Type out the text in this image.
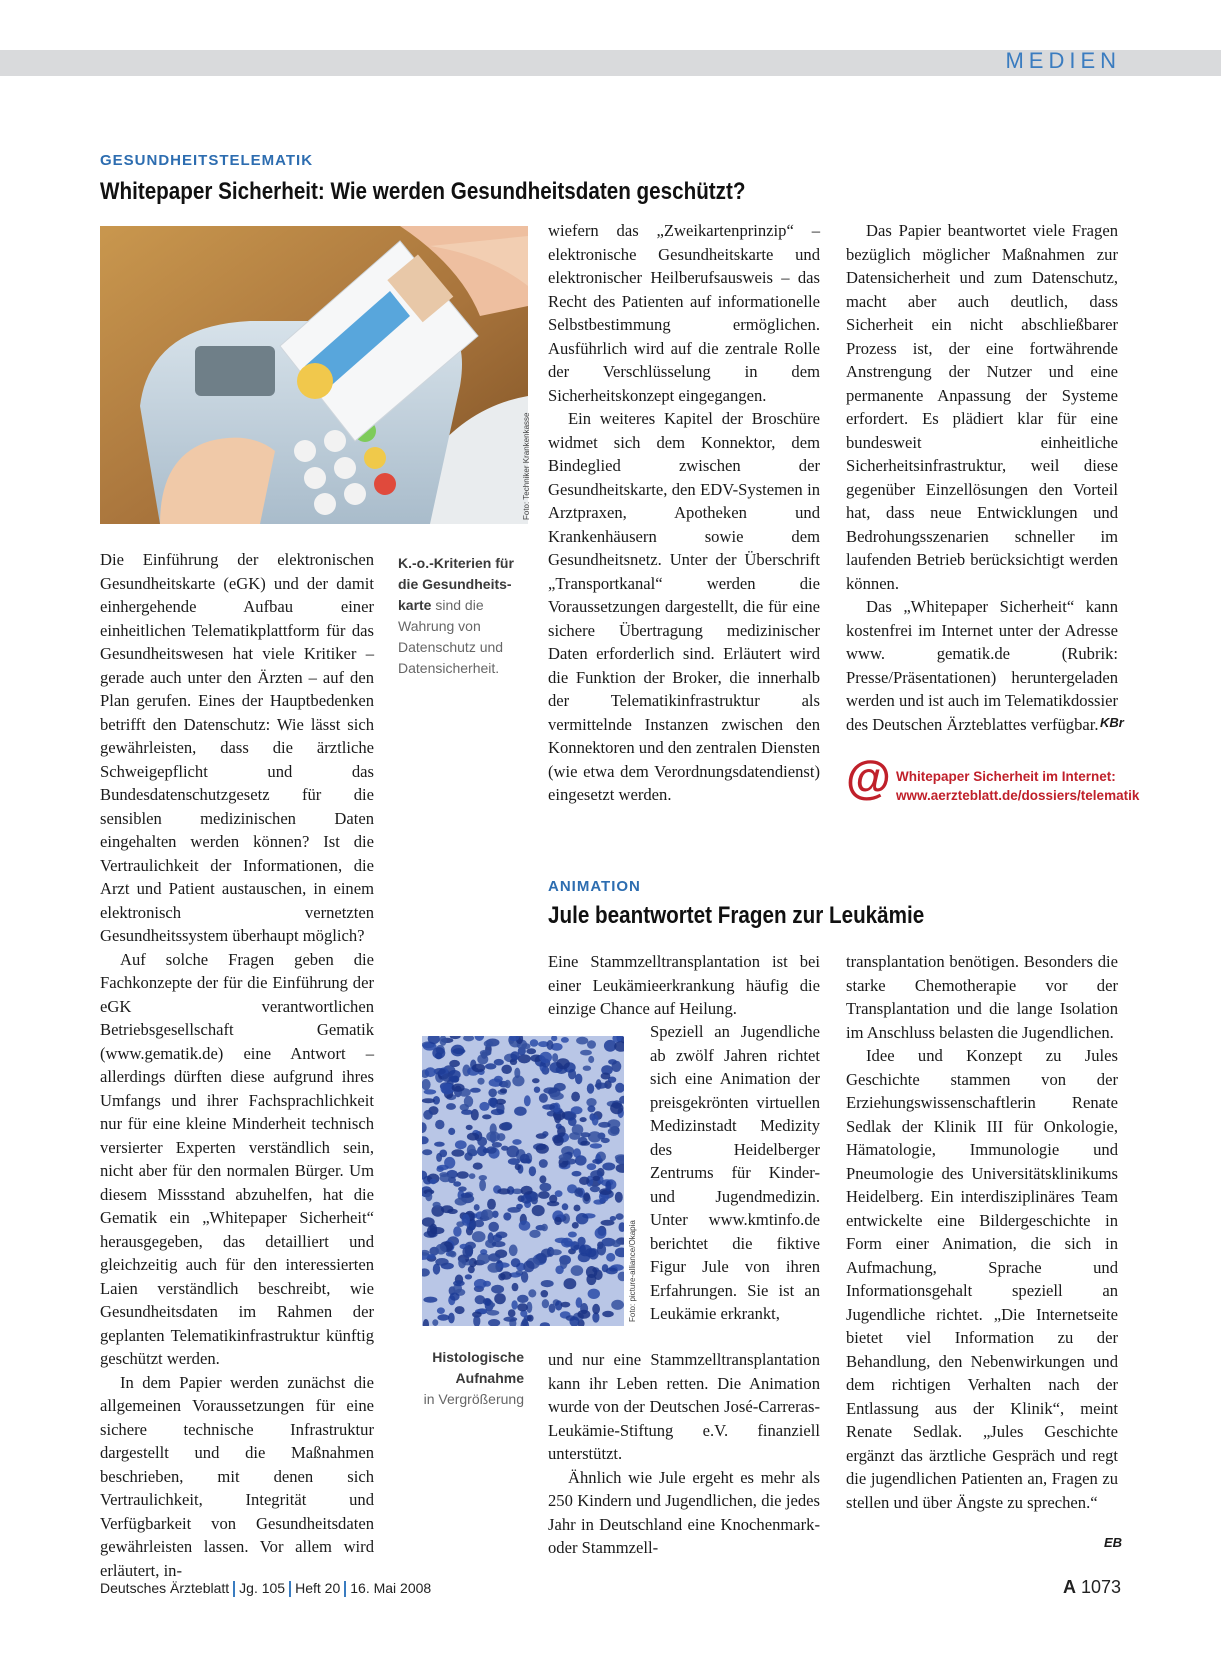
MEDIEN
GESUNDHEITSTELEMATIK
Whitepaper Sicherheit: Wie werden Gesundheitsdaten geschützt?
Foto: Techniker Krankenkasse

Die Einführung der elektronischen Gesundheitskarte (eGK) und der damit einhergehende Aufbau einer einheitlichen Telematikplattform für das Gesundheitswesen hat viele Kritiker – gerade auch unter den Ärzten – auf den Plan gerufen. Eines der Hauptbedenken betrifft den Datenschutz: Wie lässt sich gewährleisten, dass die ärztliche Schweigepflicht und das Bundesdatenschutzgesetz für die sensiblen medizinischen Daten eingehalten werden können? Ist die Vertraulichkeit der Informationen, die Arzt und Patient austauschen, in einem elektronisch vernetzten Gesundheitssystem überhaupt möglich?

Auf solche Fragen geben die Fachkonzepte der für die Einführung der eGK verantwortlichen Betriebsgesellschaft Gematik (www.gematik.de) eine Antwort – allerdings dürften diese aufgrund ihres Umfangs und ihrer Fachsprachlichkeit nur für eine kleine Minderheit technisch versierter Experten verständlich sein, nicht aber für den normalen Bürger. Um diesem Missstand abzuhelfen, hat die Gematik ein „Whitepaper Sicherheit“ herausgegeben, das detailliert und gleichzeitig auch für den interessierten Laien verständlich beschreibt, wie Gesundheitsdaten im Rahmen der geplanten Telematikinfrastruktur künftig geschützt werden.

In dem Papier werden zunächst die allgemeinen Voraussetzungen für eine sichere technische Infrastruktur dargestellt und die Maßnahmen beschrieben, mit denen sich Vertraulichkeit, Integrität und Verfügbarkeit von Gesundheitsdaten gewährleisten lassen. Vor allem wird erläutert, in-

K.-o.-Kriterien für die Gesundheits-karte sind die Wahrung von Datenschutz und Datensicherheit.

wiefern das „Zweikartenprinzip“ – elektronische Gesundheitskarte und elektronischer Heilberufsausweis – das Recht des Patienten auf informationelle Selbstbestimmung ermöglichen. Ausführlich wird auf die zentrale Rolle der Verschlüsselung in dem Sicherheitskonzept eingegangen.

Ein weiteres Kapitel der Broschüre widmet sich dem Konnektor, dem Bindeglied zwischen der Gesundheitskarte, den EDV-Systemen in Arztpraxen, Apotheken und Krankenhäusern sowie dem Gesundheitsnetz. Unter der Überschrift „Transportkanal“ werden die Voraussetzungen dargestellt, die für eine sichere Übertragung medizinischer Daten erforderlich sind. Erläutert wird die Funktion der Broker, die innerhalb der Telematikinfrastruktur als vermittelnde Instanzen zwischen den Konnektoren und den zentralen Diensten (wie etwa dem Verordnungsdatendienst) eingesetzt werden.

Das Papier beantwortet viele Fragen bezüglich möglicher Maßnahmen zur Datensicherheit und zum Datenschutz, macht aber auch deutlich, dass Sicherheit ein nicht abschließbarer Prozess ist, der eine fortwährende Anstrengung der Nutzer und eine permanente Anpassung der Systeme erfordert. Es plädiert klar für eine bundesweit einheitliche Sicherheitsinfrastruktur, weil diese gegenüber Einzellösungen den Vorteil hat, dass neue Entwicklungen und Bedrohungsszenarien schneller im laufenden Betrieb berücksichtigt werden können.

Das „Whitepaper Sicherheit“ kann kostenfrei im Internet unter der Adresse www. gematik.de (Rubrik: Presse/Präsentationen) heruntergeladen werden und ist auch im Telematikdossier des Deutschen Ärzteblattes verfügbar. KBr
@ Whitepaper Sicherheit im Internet:
www.aerzteblatt.de/dossiers/telematik
ANIMATION
Jule beantwortet Fragen zur Leukämie

Eine Stammzelltransplantation ist bei einer Leukämieerkrankung häufig die einzige Chance auf Heilung.

Foto: picture-alliance/Okapia

Speziell an Jugendliche ab zwölf Jahren richtet sich eine Animation der preisgekrönten virtuellen Medizinstadt Medizity des Heidelberger Zentrums für Kinder- und Jugendmedizin. Unter www.kmtinfo.de berichtet die fiktive Figur Jule von ihren Erfahrungen. Sie ist an Leukämie erkrankt,

Histologische Aufnahme
in Vergrößerung

und nur eine Stammzelltransplantation kann ihr Leben retten. Die Animation wurde von der Deutschen José-Carreras-Leukämie-Stiftung e.V. finanziell unterstützt.

Ähnlich wie Jule ergeht es mehr als 250 Kindern und Jugendlichen, die jedes Jahr in Deutschland eine Knochenmark- oder Stammzell-

transplantation benötigen. Besonders die starke Chemotherapie vor der Transplantation und die lange Isolation im Anschluss belasten die Jugendlichen.

Idee und Konzept zu Jules Geschichte stammen von der Erziehungswissenschaftlerin Renate Sedlak der Klinik III für Onkologie, Hämatologie, Immunologie und Pneumologie des Universitätsklinikums Heidelberg. Ein interdisziplinäres Team entwickelte eine Bildergeschichte in Form einer Animation, die sich in Aufmachung, Sprache und Informationsgehalt speziell an Jugendliche richtet. „Die Internetseite bietet viel Information zu der Behandlung, den Nebenwirkungen und dem richtigen Verhalten nach der Entlassung aus der Klinik“, meint Renate Sedlak. „Jules Geschichte ergänzt das ärztliche Gespräch und regt die jugendlichen Patienten an, Fragen zu stellen und über Ängste zu sprechen.“

EB
Deutsches Ärzteblatt Jg. 105 Heft 20 16. Mai 2008	A 1073
